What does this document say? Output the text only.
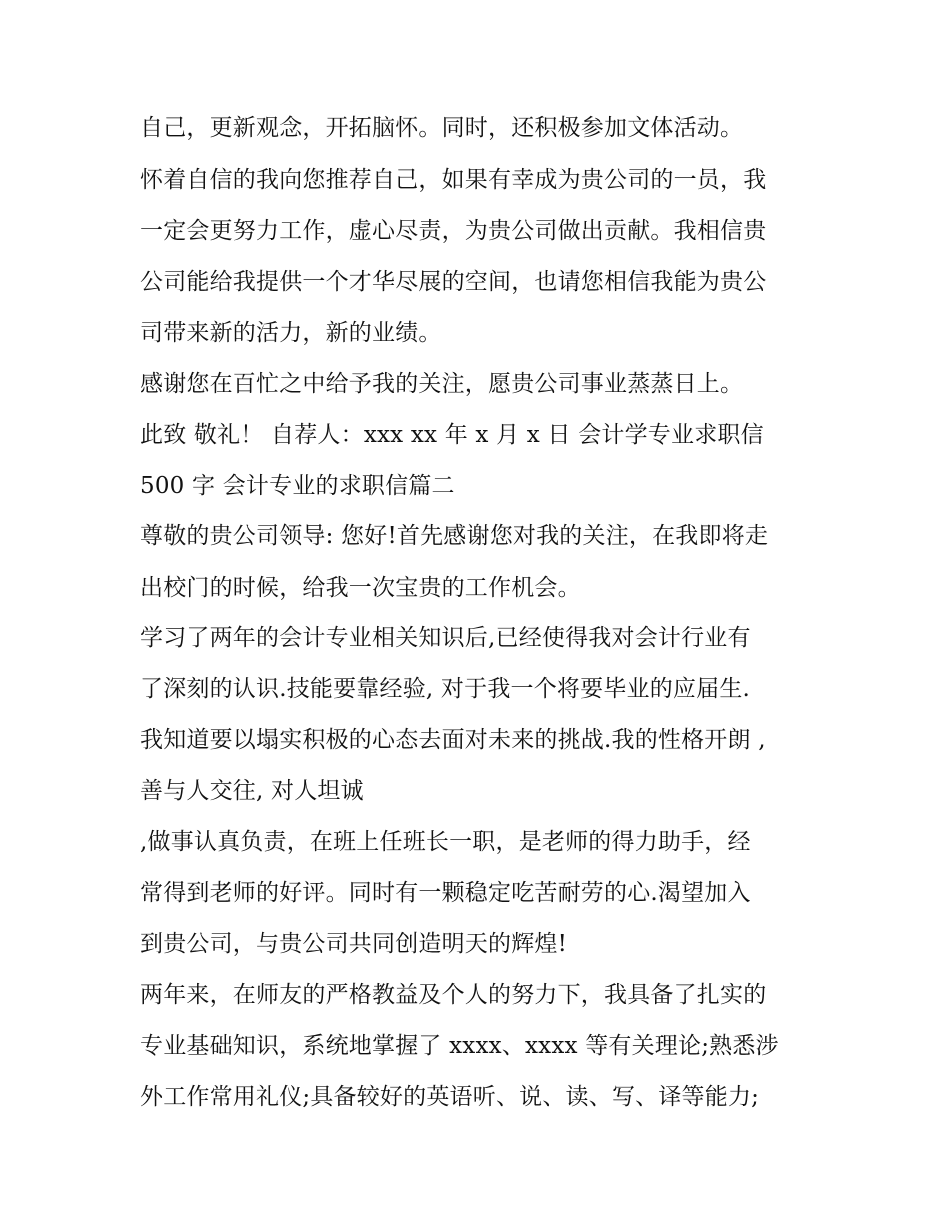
自己，更新观念，开拓脑怀。同时，还积极参加文体活动。
怀着自信的我向您推荐自己，如果有幸成为贵公司的一员，我
一定会更努力工作，虚心尽责，为贵公司做出贡献。我相信贵
公司能给我提供一个才华尽展的空间，也请您相信我能为贵公
司带来新的活力，新的业绩。
感谢您在百忙之中给予我的关注，愿贵公司事业蒸蒸日上。
此致 敬礼！ 自荐人：xxx xx 年 x 月 x 日 会计学专业求职信
500 字 会计专业的求职信篇二
尊敬的贵公司领导: 您好!首先感谢您对我的关注，在我即将走
出校门的时候，给我一次宝贵的工作机会。
学习了两年的会计专业相关知识后,已经使得我对会计行业有
了深刻的认识.技能要靠经验, 对于我一个将要毕业的应届生.
我知道要以塌实积极的心态去面对未来的挑战.我的性格开朗 ,
善与人交往, 对人坦诚
,做事认真负责，在班上任班长一职，是老师的得力助手，经
常得到老师的好评。同时有一颗稳定吃苦耐劳的心.渴望加入
到贵公司，与贵公司共同创造明天的辉煌!
两年来，在师友的严格教益及个人的努力下，我具备了扎实的
专业基础知识，系统地掌握了 xxxx、xxxx 等有关理论;熟悉涉
外工作常用礼仪;具备较好的英语听、说、读、写、译等能力;
